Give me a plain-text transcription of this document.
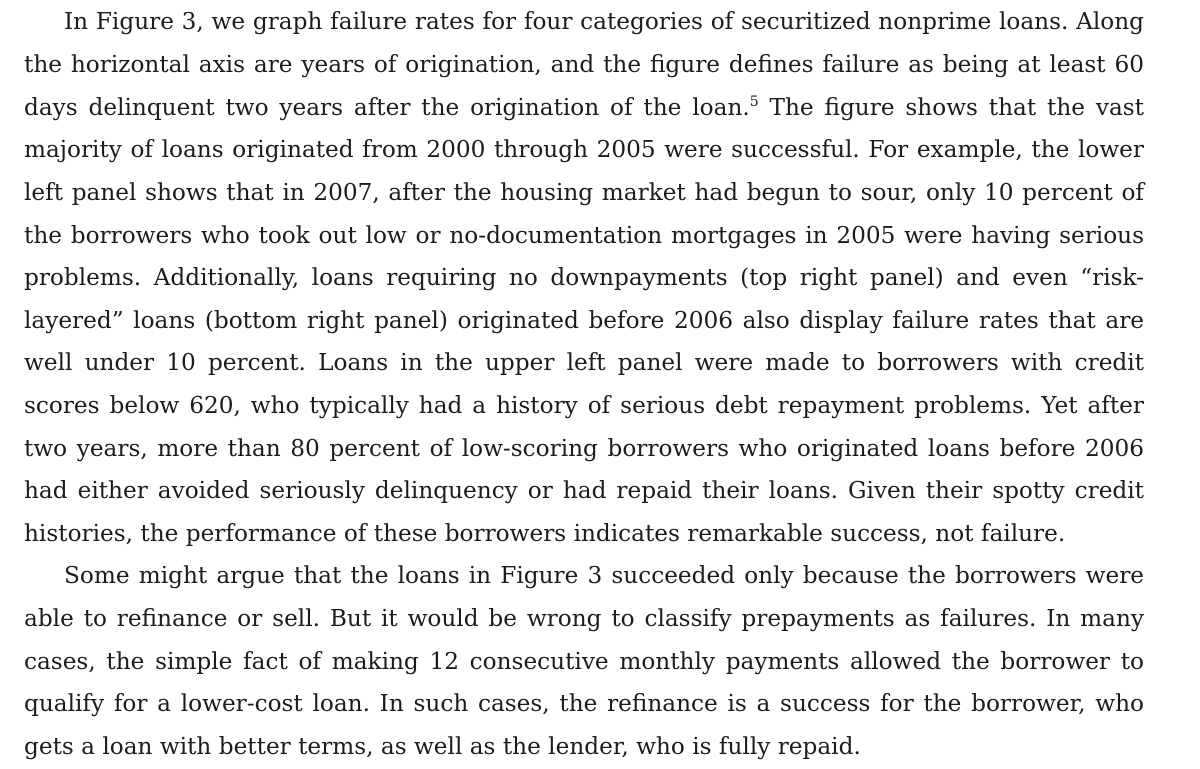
In Figure 3, we graph failure rates for four categories of securitized nonprime loans. Along
the horizontal axis are years of origination, and the figure defines failure as being at least 60
days delinquent two years after the origination of the loan.$^5$ The figure shows that the vast
majority of loans originated from 2000 through 2005 were successful. For example, the lower
left panel shows that in 2007, after the housing market had begun to sour, only 10 percent of
the borrowers who took out low or no-documentation mortgages in 2005 were having serious
problems. Additionally, loans requiring no downpayments (top right panel) and even “risk-
layered” loans (bottom right panel) originated before 2006 also display failure rates that are
well under 10 percent. Loans in the upper left panel were made to borrowers with credit
scores below 620, who typically had a history of serious debt repayment problems. Yet after
two years, more than 80 percent of low-scoring borrowers who originated loans before 2006
had either avoided seriously delinquency or had repaid their loans. Given their spotty credit
histories, the performance of these borrowers indicates remarkable success, not failure.
Some might argue that the loans in Figure 3 succeeded only because the borrowers were
able to refinance or sell. But it would be wrong to classify prepayments as failures. In many
cases, the simple fact of making 12 consecutive monthly payments allowed the borrower to
qualify for a lower-cost loan. In such cases, the refinance is a success for the borrower, who
gets a loan with better terms, as well as the lender, who is fully repaid.
